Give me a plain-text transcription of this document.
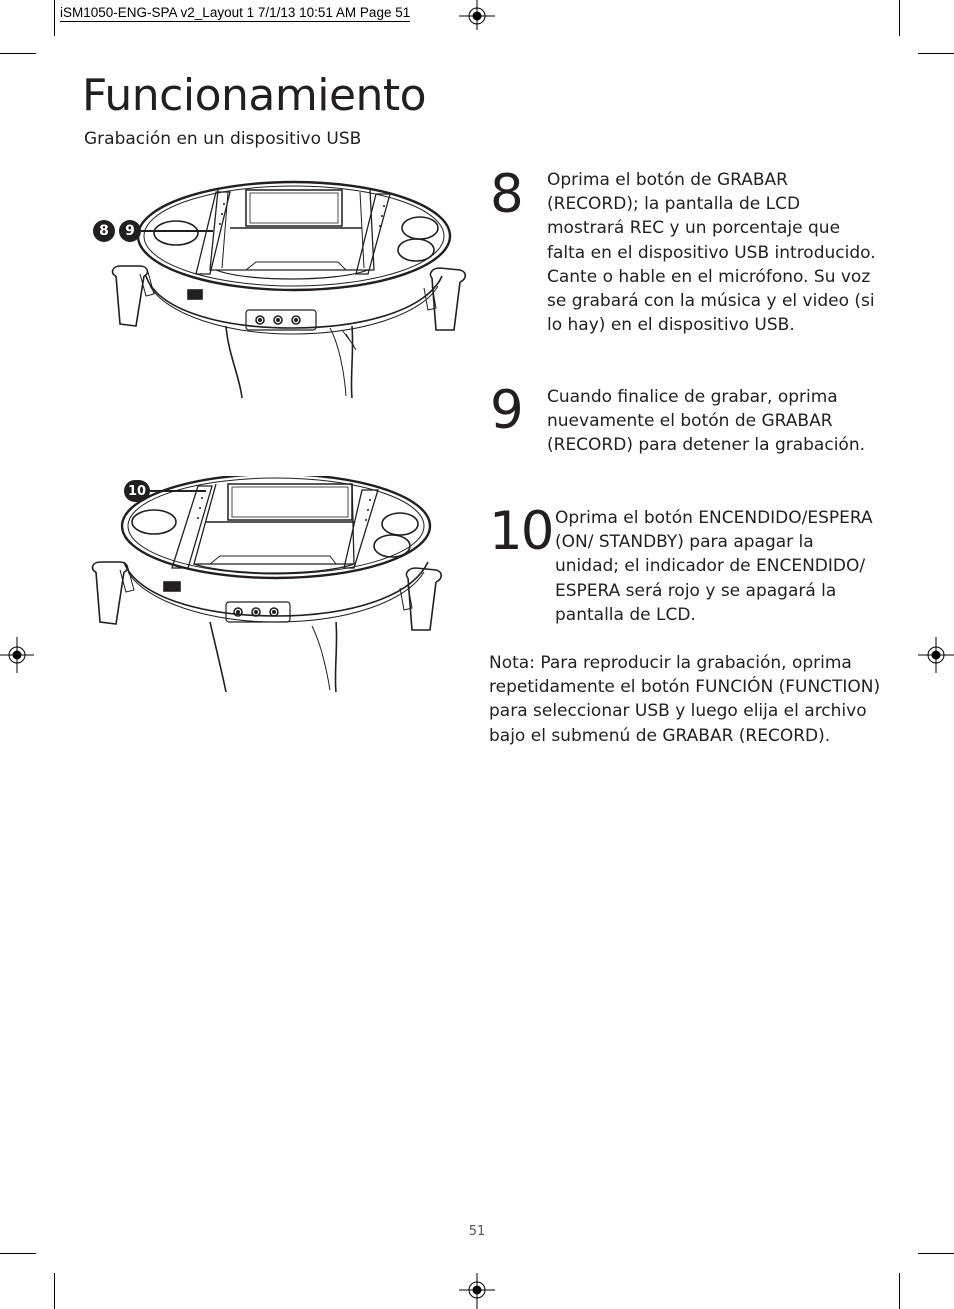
iSM1050-ENG-SPA v2_Layout 1 7/1/13 10:51 AM Page 51
Funcionamiento
Grabación en un dispositivo USB
8	9
10
8 Oprima el botón de GRABAR (RECORD); la pantalla de LCD mostrará REC y un porcentaje que falta en el dispositivo USB introducido. Cante o hable en el micrófono. Su voz se grabará con la música y el video (si lo hay) en el dispositivo USB.
9 Cuando finalice de grabar, oprima nuevamente el botón de GRABAR (RECORD) para detener la grabación.
10 Oprima el botón ENCENDIDO/ESPERA (ON/ STANDBY) para apagar la unidad; el indicador de ENCENDIDO/ ESPERA será rojo y se apagará la pantalla de LCD.
Nota: Para reproducir la grabación, oprima repetidamente el botón FUNCIÓN (FUNCTION) para seleccionar USB y luego elija el archivo bajo el submenú de GRABAR (RECORD).
51
